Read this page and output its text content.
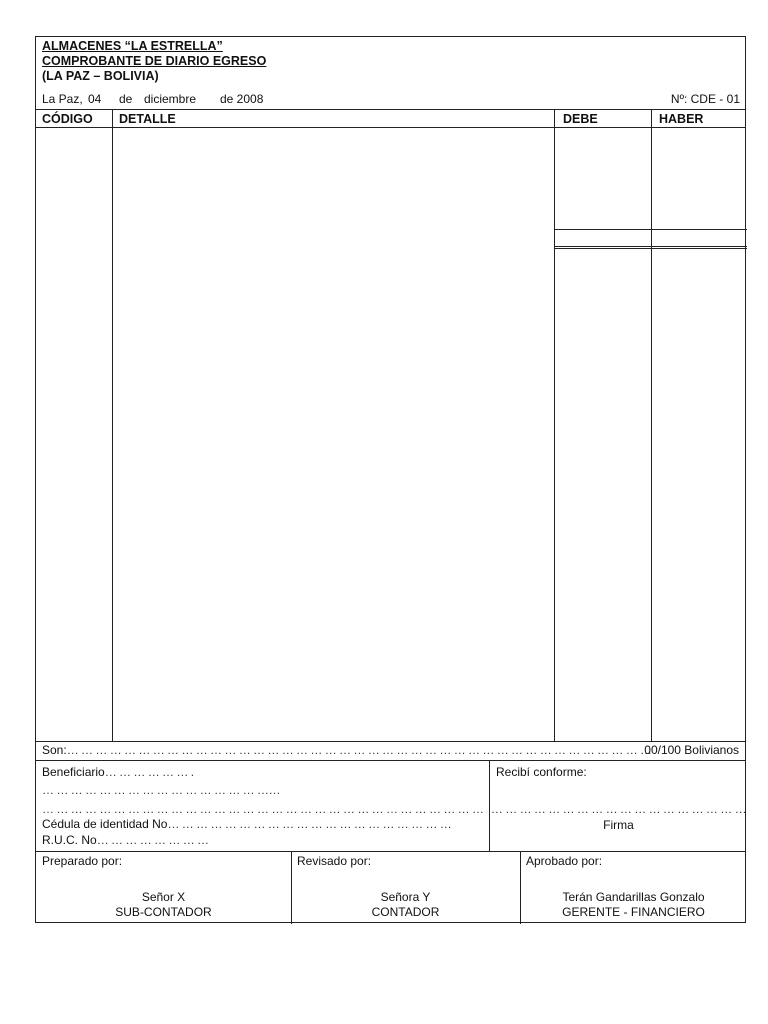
ALMACENES “LA ESTRELLA”
COMPROBANTE DE DIARIO EGRESO
(LA PAZ – BOLIVIA)
La Paz, 04 de diciembre de 2008	Nº: CDE - 01
CÓDIGO DETALLE	DEBE	HABER
Son:… … … … … … … … … … … … … … … … … … … … … … … … … … … … … … … … … … … … … … … … …
00/100 Bolivianos
Beneficiario… … … … … … .
… … … … … … … … … … … … … … … ……
… … … … … … … … … … … … … … … … … … … … … … … … … … … … … … …
Cédula de identidad No… … … … … … … … … … … … … … … … … … … …
R.U.C. No… … … … … … … …
Recibí conforme:
… … … … … … … … … … … … … … … … … …
Firma
Preparado por:
Señor X
SUB-CONTADOR
Revisado por:
Señora Y
CONTADOR
Aprobado por:
Terán Gandarillas Gonzalo
GERENTE - FINANCIERO
